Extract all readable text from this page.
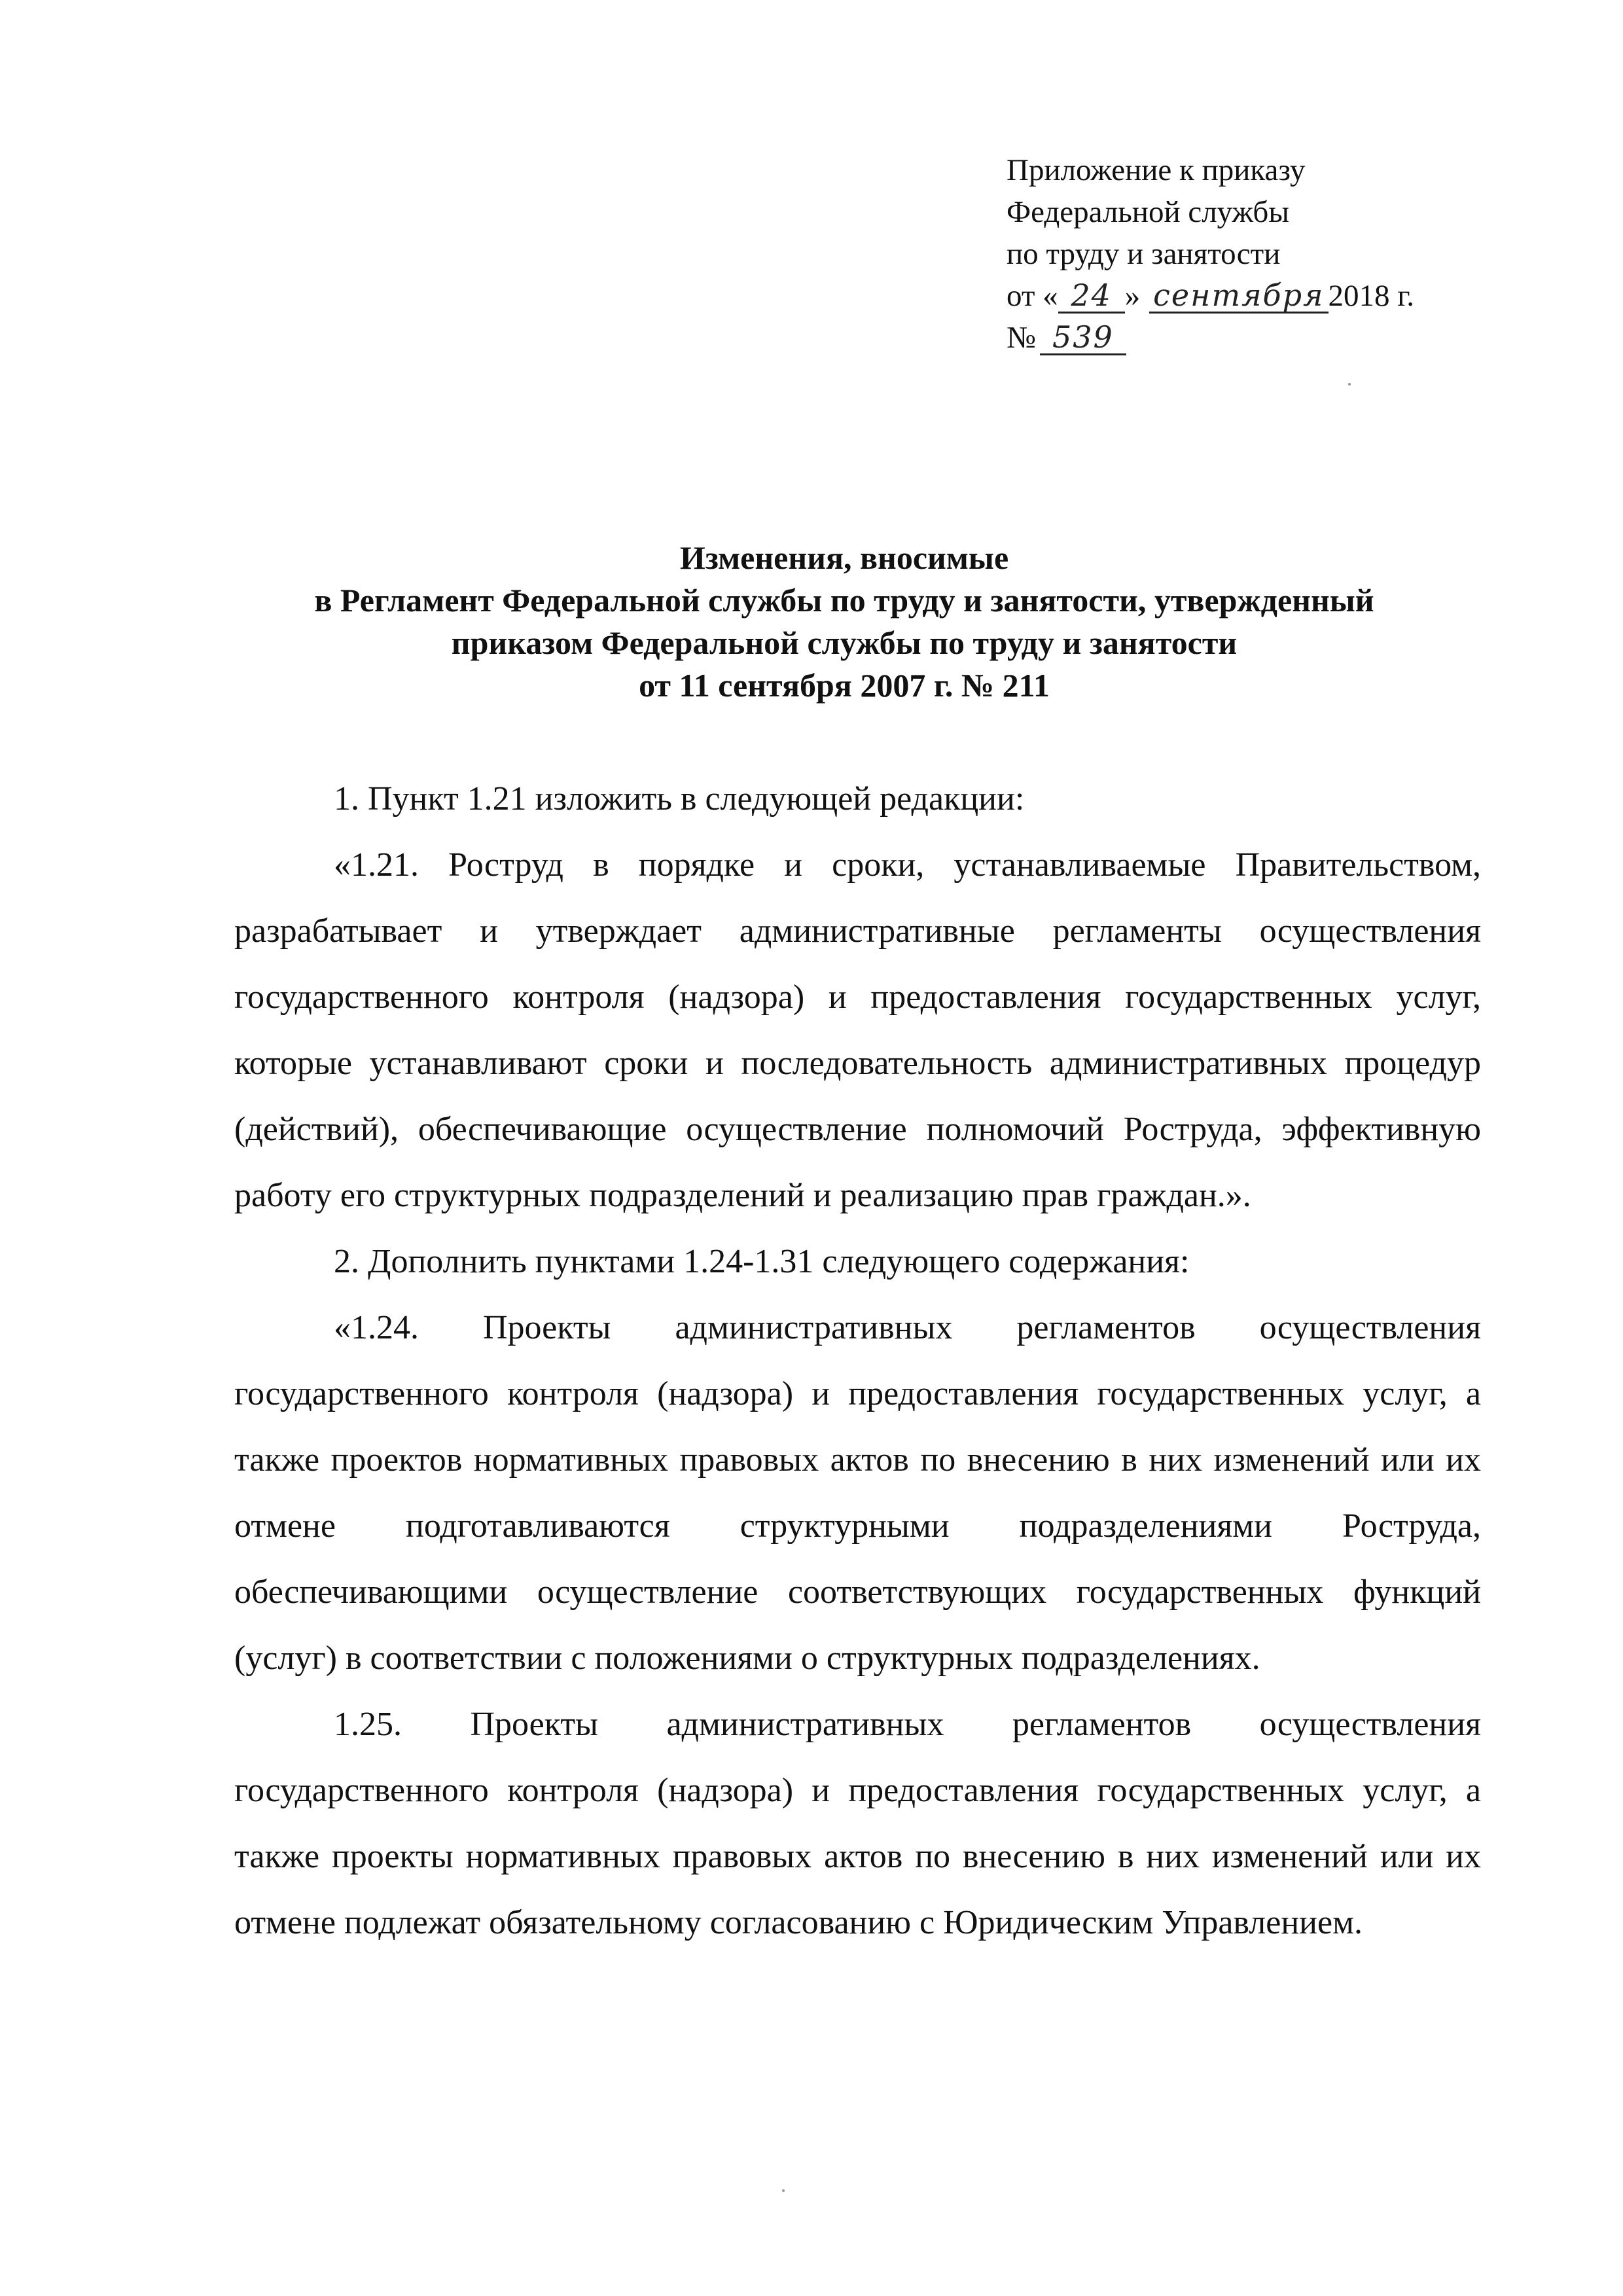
Приложение к приказу
Федеральной службы
по труду и занятости
от « 24 » сентября 2018 г.
№ 539
Изменения, вносимые
в Регламент Федеральной службы по труду и занятости, утвержденный
приказом Федеральной службы по труду и занятости
от 11 сентября 2007 г. № 211

1. Пункт 1.21 изложить в следующей редакции:

«1.21. Роструд в порядке и сроки, устанавливаемые Правительством, разрабатывает и утверждает административные регламенты осуществления государственного контроля (надзора) и предоставления государственных услуг, которые устанавливают сроки и последовательность административных процедур (действий), обеспечивающие осуществление полномочий Роструда, эффективную работу его структурных подразделений и реализацию прав граждан.».

2. Дополнить пунктами 1.24-1.31 следующего содержания:

«1.24. Проекты административных регламентов осуществления государственного контроля (надзора) и предоставления государственных услуг, а также проектов нормативных правовых актов по внесению в них изменений или их отмене подготавливаются структурными подразделениями Роструда, обеспечивающими осуществление соответствующих государственных функций (услуг) в соответствии с положениями о структурных подразделениях.

1.25. Проекты административных регламентов осуществления государственного контроля (надзора) и предоставления государственных услуг, а также проекты нормативных правовых актов по внесению в них изменений или их отмене подлежат обязательному согласованию с Юридическим Управлением.
